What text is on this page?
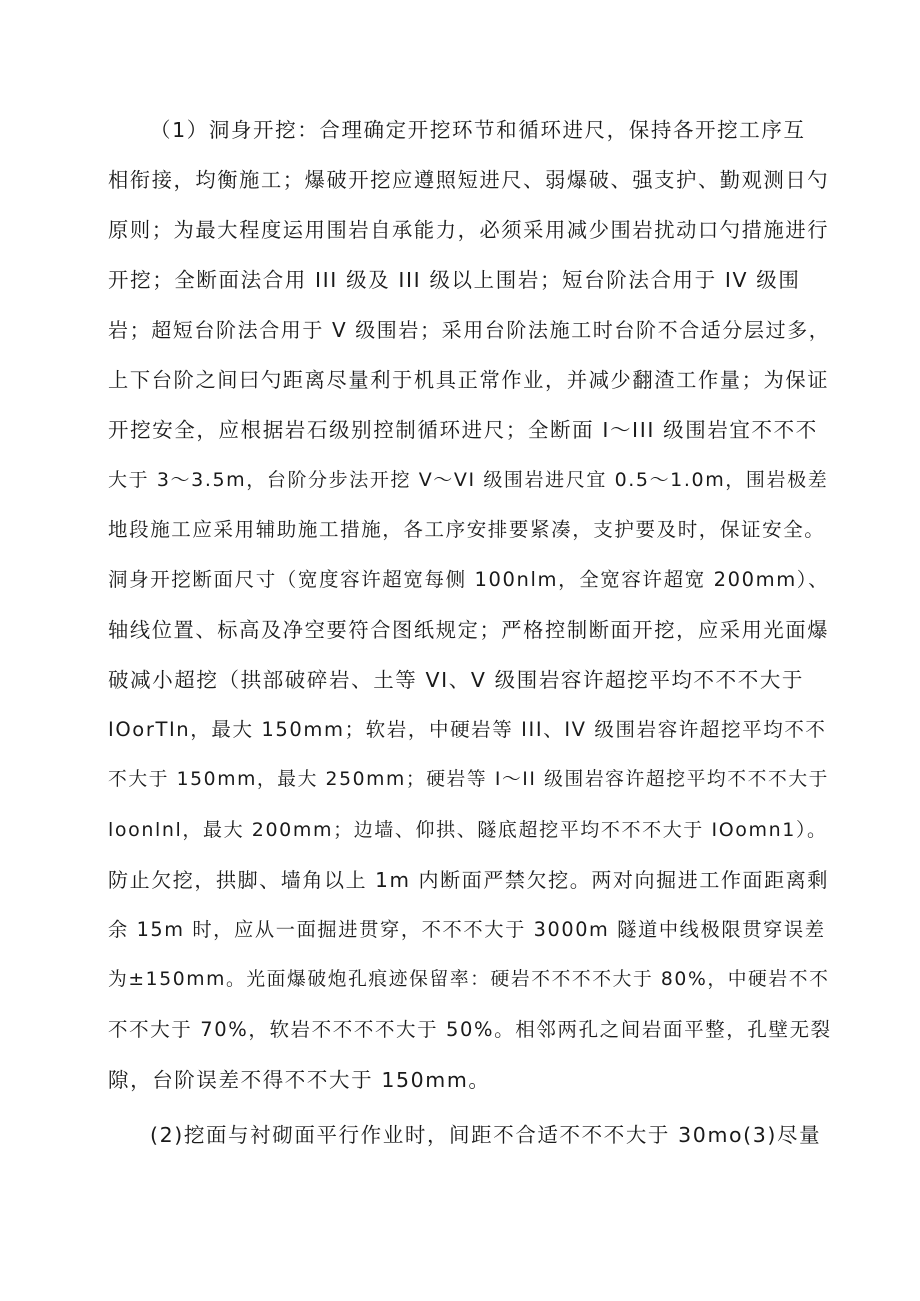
（1）洞身开挖：合理确定开挖环节和循环进尺，保持各开挖工序互
相衔接，均衡施工；爆破开挖应遵照短进尺、弱爆破、强支护、勤观测日勺
原则；为最大程度运用围岩自承能力，必须采用减少围岩扰动口勺措施进行
开挖；全断面法合用 III 级及 III 级以上围岩；短台阶法合用于 IV 级围
岩；超短台阶法合用于 V 级围岩；采用台阶法施工时台阶不合适分层过多，
上下台阶之间曰勺距离尽量利于机具正常作业，并减少翻渣工作量；为保证
开挖安全，应根据岩石级别控制循环进尺；全断面 I～III 级围岩宜不不不
大于 3～3.5m，台阶分步法开挖 V～VI 级围岩进尺宜 0.5～1.0m，围岩极差
地段施工应采用辅助施工措施，各工序安排要紧凑，支护要及时，保证安全。
洞身开挖断面尺寸（宽度容许超宽每侧 100nlm，全宽容许超宽 200mm）、
轴线位置、标高及净空要符合图纸规定；严格控制断面开挖，应采用光面爆
破减小超挖（拱部破碎岩、土等 VI、V 级围岩容许超挖平均不不不大于
IOorTIn，最大 150mm；软岩，中硬岩等 III、IV 级围岩容许超挖平均不不
不大于 150mm，最大 250mm；硬岩等 I～II 级围岩容许超挖平均不不不大于
loonlnl，最大 200mm；边墙、仰拱、隧底超挖平均不不不大于 IOomn1）。
防止欠挖，拱脚、墙角以上 1m 内断面严禁欠挖。两对向掘进工作面距离剩
余 15m 时，应从一面掘进贯穿，不不不大于 3000m 隧道中线极限贯穿误差
为±150mm。光面爆破炮孔痕迹保留率：硬岩不不不不大于 80%，中硬岩不不
不不大于 70%，软岩不不不不大于 50%。相邻两孔之间岩面平整，孔壁无裂
隙，台阶误差不得不不大于 150mm。
(2)挖面与衬砌面平行作业时，间距不合适不不不大于 30mo(3)尽量
